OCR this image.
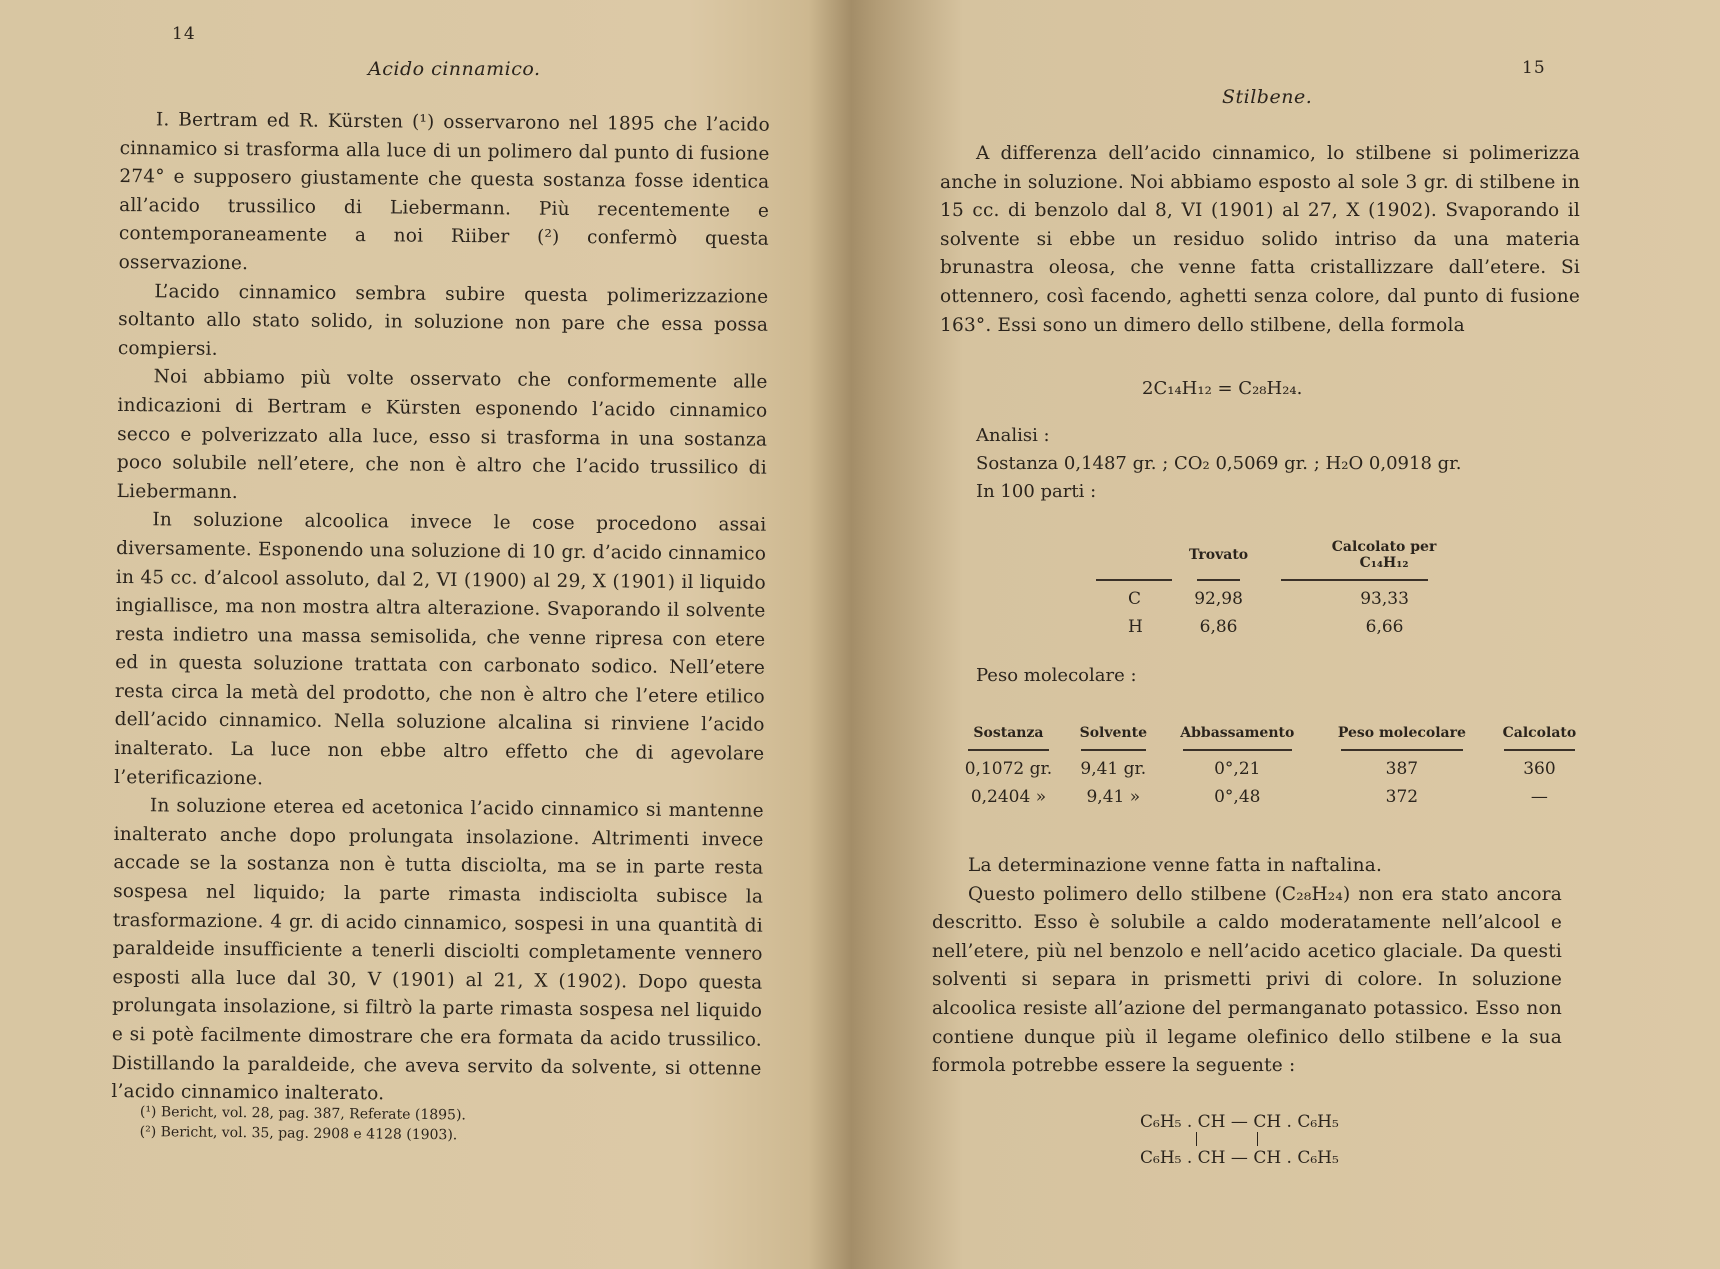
14
Acido cinnamico.

I. Bertram ed R. Kürsten (¹) osservarono nel 1895 che l’acido cinnamico si trasforma alla luce di un polimero dal punto di fusione 274° e supposero giustamente che questa sostanza fosse identica all’acido trussilico di Liebermann. Più recentemente e contemporaneamente a noi Riiber (²) confermò questa osservazione.

L’acido cinnamico sembra subire questa polimerizzazione soltanto allo stato solido, in soluzione non pare che essa possa compiersi.

Noi abbiamo più volte osservato che conformemente alle indicazioni di Bertram e Kürsten esponendo l’acido cinnamico secco e polverizzato alla luce, esso si trasforma in una sostanza poco solubile nell’etere, che non è altro che l’acido trussilico di Liebermann.

In soluzione alcoolica invece le cose procedono assai diversamente. Esponendo una soluzione di 10 gr. d’acido cinnamico in 45 cc. d’alcool assoluto, dal 2, VI (1900) al 29, X (1901) il liquido ingiallisce, ma non mostra altra alterazione. Svaporando il solvente resta indietro una massa semisolida, che venne ripresa con etere ed in questa soluzione trattata con carbonato sodico. Nell’etere resta circa la metà del prodotto, che non è altro che l’etere etilico dell’acido cinnamico. Nella soluzione alcalina si rinviene l’acido inalterato. La luce non ebbe altro effetto che di agevolare l’eterificazione.

In soluzione eterea ed acetonica l’acido cinnamico si mantenne inalterato anche dopo prolungata insolazione. Altrimenti invece accade se la sostanza non è tutta disciolta, ma se in parte resta sospesa nel liquido; la parte rimasta indisciolta subisce la trasformazione. 4 gr. di acido cinnamico, sospesi in una quantità di paraldeide insufficiente a tenerli disciolti completamente vennero esposti alla luce dal 30, V (1901) al 21, X (1902). Dopo questa prolungata insolazione, si filtrò la parte rimasta sospesa nel liquido e si potè facilmente dimostrare che era formata da acido trussilico. Distillando la paraldeide, che aveva servito da solvente, si ottenne l’acido cinnamico inalterato.

(¹) Bericht, vol. 28, pag. 387, Referate (1895).
(²) Bericht, vol. 35, pag. 2908 e 4128 (1903).
15
Stilbene.

A differenza dell’acido cinnamico, lo stilbene si polimerizza anche in soluzione. Noi abbiamo esposto al sole 3 gr. di stilbene in 15 cc. di benzolo dal 8, VI (1901) al 27, X (1902). Svaporando il solvente si ebbe un residuo solido intriso da una materia brunastra oleosa, che venne fatta cristallizzare dall’etere. Si ottennero, così facendo, aghetti senza colore, dal punto di fusione 163°. Essi sono un dimero dello stilbene, della formola

2C₁₄H₁₂ = C₂₈H₂₄.
Analisi :
Sostanza 0,1487 gr. ; CO₂ 0,5069 gr. ; H₂O 0,0918 gr.
In 100 parti :
	Trovato	Calcolato per C₁₄H₁₂
C	92,98	93,33
H	6,86	6,66
Peso molecolare :
Sostanza	Solvente	Abbassamento	Peso molecolare	Calcolato
0,1072 gr.	9,41 gr.	0°,21	387	360
0,2404 »	9,41 »	0°,48	372	—

La determinazione venne fatta in naftalina.

Questo polimero dello stilbene (C₂₈H₂₄) non era stato ancora descritto. Esso è solubile a caldo moderatamente nell’alcool e nell’etere, più nel benzolo e nell’acido acetico glaciale. Da questi solventi si separa in prismetti privi di colore. In soluzione alcoolica resiste all’azione del permanganato potassico. Esso non contiene dunque più il legame olefinico dello stilbene e la sua formola potrebbe essere la seguente :

C₆H₅ . CH — CH . C₆H₅
C₆H₅ . CH — CH . C₆H₅
